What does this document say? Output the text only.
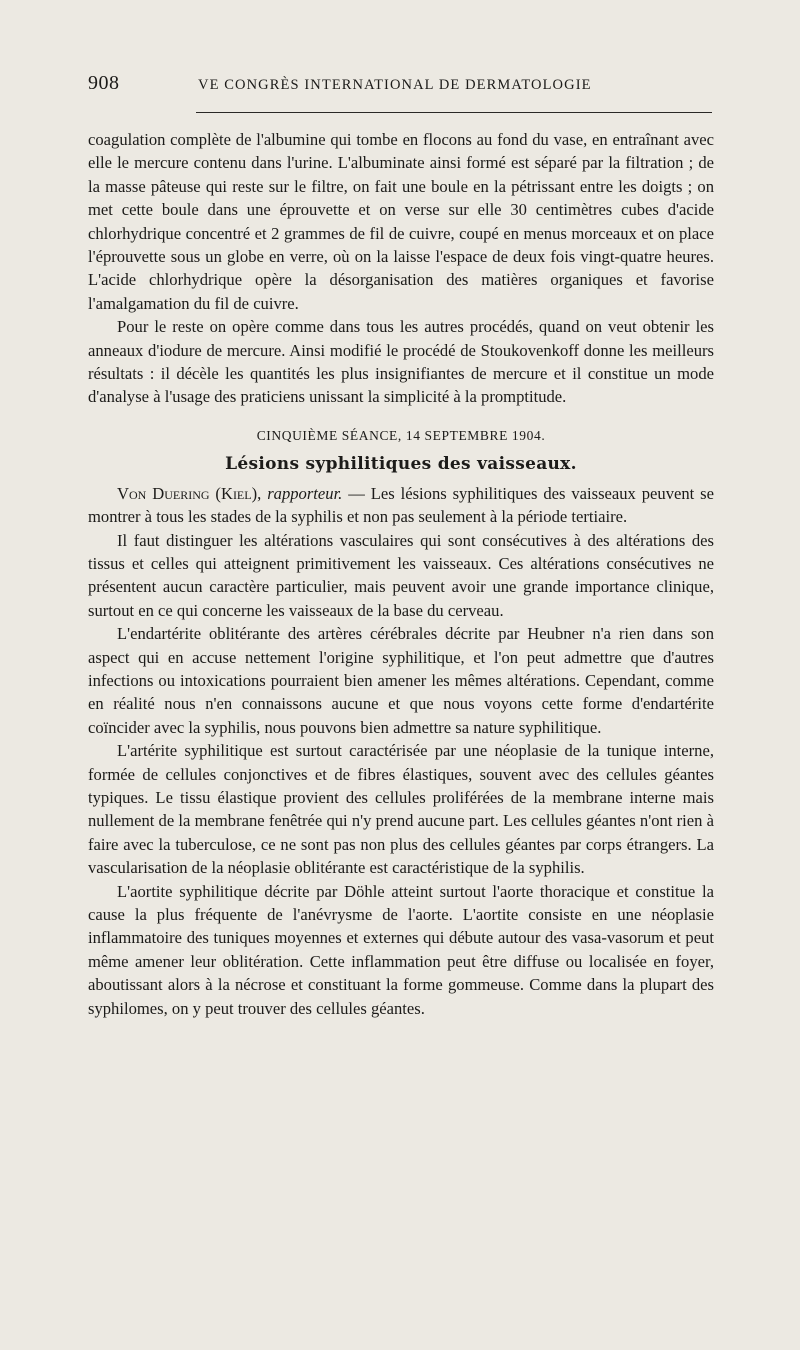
908	VE CONGRÈS INTERNATIONAL DE DERMATOLOGIE

coagulation complète de l'albumine qui tombe en flocons au fond du vase, en entraînant avec elle le mercure contenu dans l'urine. L'albuminate ainsi formé est séparé par la filtration ; de la masse pâteuse qui reste sur le filtre, on fait une boule en la pétrissant entre les doigts ; on met cette boule dans une éprouvette et on verse sur elle 30 centimètres cubes d'acide chlorhydrique concentré et 2 grammes de fil de cuivre, coupé en menus morceaux et on place l'éprouvette sous un globe en verre, où on la laisse l'espace de deux fois vingt-quatre heures. L'acide chlorhydrique opère la désorganisation des matières organiques et favorise l'amalgamation du fil de cuivre.

Pour le reste on opère comme dans tous les autres procédés, quand on veut obtenir les anneaux d'iodure de mercure. Ainsi modifié le procédé de Stoukovenkoff donne les meilleurs résultats : il décèle les quantités les plus insignifiantes de mercure et il constitue un mode d'analyse à l'usage des praticiens unissant la simplicité à la promptitude.

CINQUIÈME SÉANCE, 14 SEPTEMBRE 1904.
Lésions syphilitiques des vaisseaux.

Von Duering (Kiel), rapporteur. — Les lésions syphilitiques des vaisseaux peuvent se montrer à tous les stades de la syphilis et non pas seulement à la période tertiaire.

Il faut distinguer les altérations vasculaires qui sont consécutives à des altérations des tissus et celles qui atteignent primitivement les vaisseaux. Ces altérations consécutives ne présentent aucun caractère particulier, mais peuvent avoir une grande importance clinique, surtout en ce qui concerne les vaisseaux de la base du cerveau.

L'endartérite oblitérante des artères cérébrales décrite par Heubner n'a rien dans son aspect qui en accuse nettement l'origine syphilitique, et l'on peut admettre que d'autres infections ou intoxications pourraient bien amener les mêmes altérations. Cependant, comme en réalité nous n'en connaissons aucune et que nous voyons cette forme d'endartérite coïncider avec la syphilis, nous pouvons bien admettre sa nature syphilitique.

L'artérite syphilitique est surtout caractérisée par une néoplasie de la tunique interne, formée de cellules conjonctives et de fibres élastiques, souvent avec des cellules géantes typiques. Le tissu élastique provient des cellules proliférées de la membrane interne mais nullement de la membrane fenêtrée qui n'y prend aucune part. Les cellules géantes n'ont rien à faire avec la tuberculose, ce ne sont pas non plus des cellules géantes par corps étrangers. La vascularisation de la néoplasie oblitérante est caractéristique de la syphilis.

L'aortite syphilitique décrite par Döhle atteint surtout l'aorte thoracique et constitue la cause la plus fréquente de l'anévrysme de l'aorte. L'aortite consiste en une néoplasie inflammatoire des tuniques moyennes et externes qui débute autour des vasa-vasorum et peut même amener leur oblitération. Cette inflammation peut être diffuse ou localisée en foyer, aboutissant alors à la nécrose et constituant la forme gommeuse. Comme dans la plupart des syphilomes, on y peut trouver des cellules géantes.
